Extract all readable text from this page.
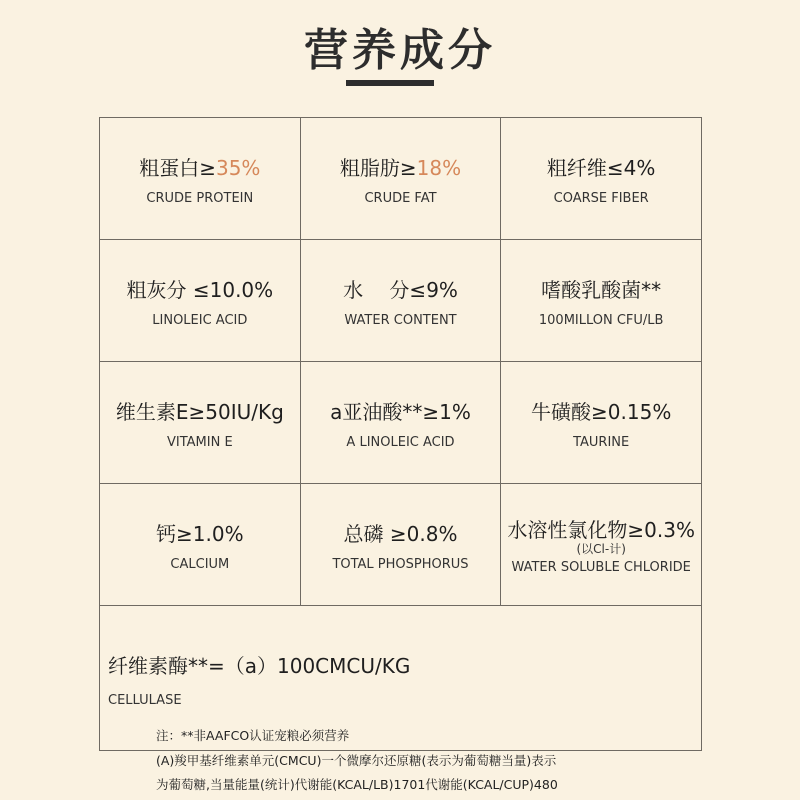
营养成分
粗蛋白≥35%
CRUDE PROTEIN
粗脂肪≥18%
CRUDE FAT
粗纤维≤4%
COARSE FIBER
粗灰分 ≤10.0%
LINOLEIC ACID
水　 分≤9%
WATER CONTENT
嗜酸乳酸菌**
100MILLON CFU/LB
维生素E≥50IU/Kg
VITAMIN E
a亚油酸**≥1%
A LINOLEIC ACID
牛磺酸≥0.15%
TAURINE
钙≥1.0%
CALCIUM
总磷 ≥0.8%
TOTAL PHOSPHORUS
水溶性氯化物≥0.3%
(以Cl-计)
WATER SOLUBLE CHLORIDE
纤维素酶**=（a）100CMCU/KG
CELLULASE
注：**非AAFCO认证宠粮必须营养
(A)羧甲基纤维素单元(CMCU)一个微摩尔还原糖(表示为葡萄糖当量)表示
为葡萄糖,当量能量(统计)代谢能(KCAL/LB)1701代谢能(KCAL/CUP)480
